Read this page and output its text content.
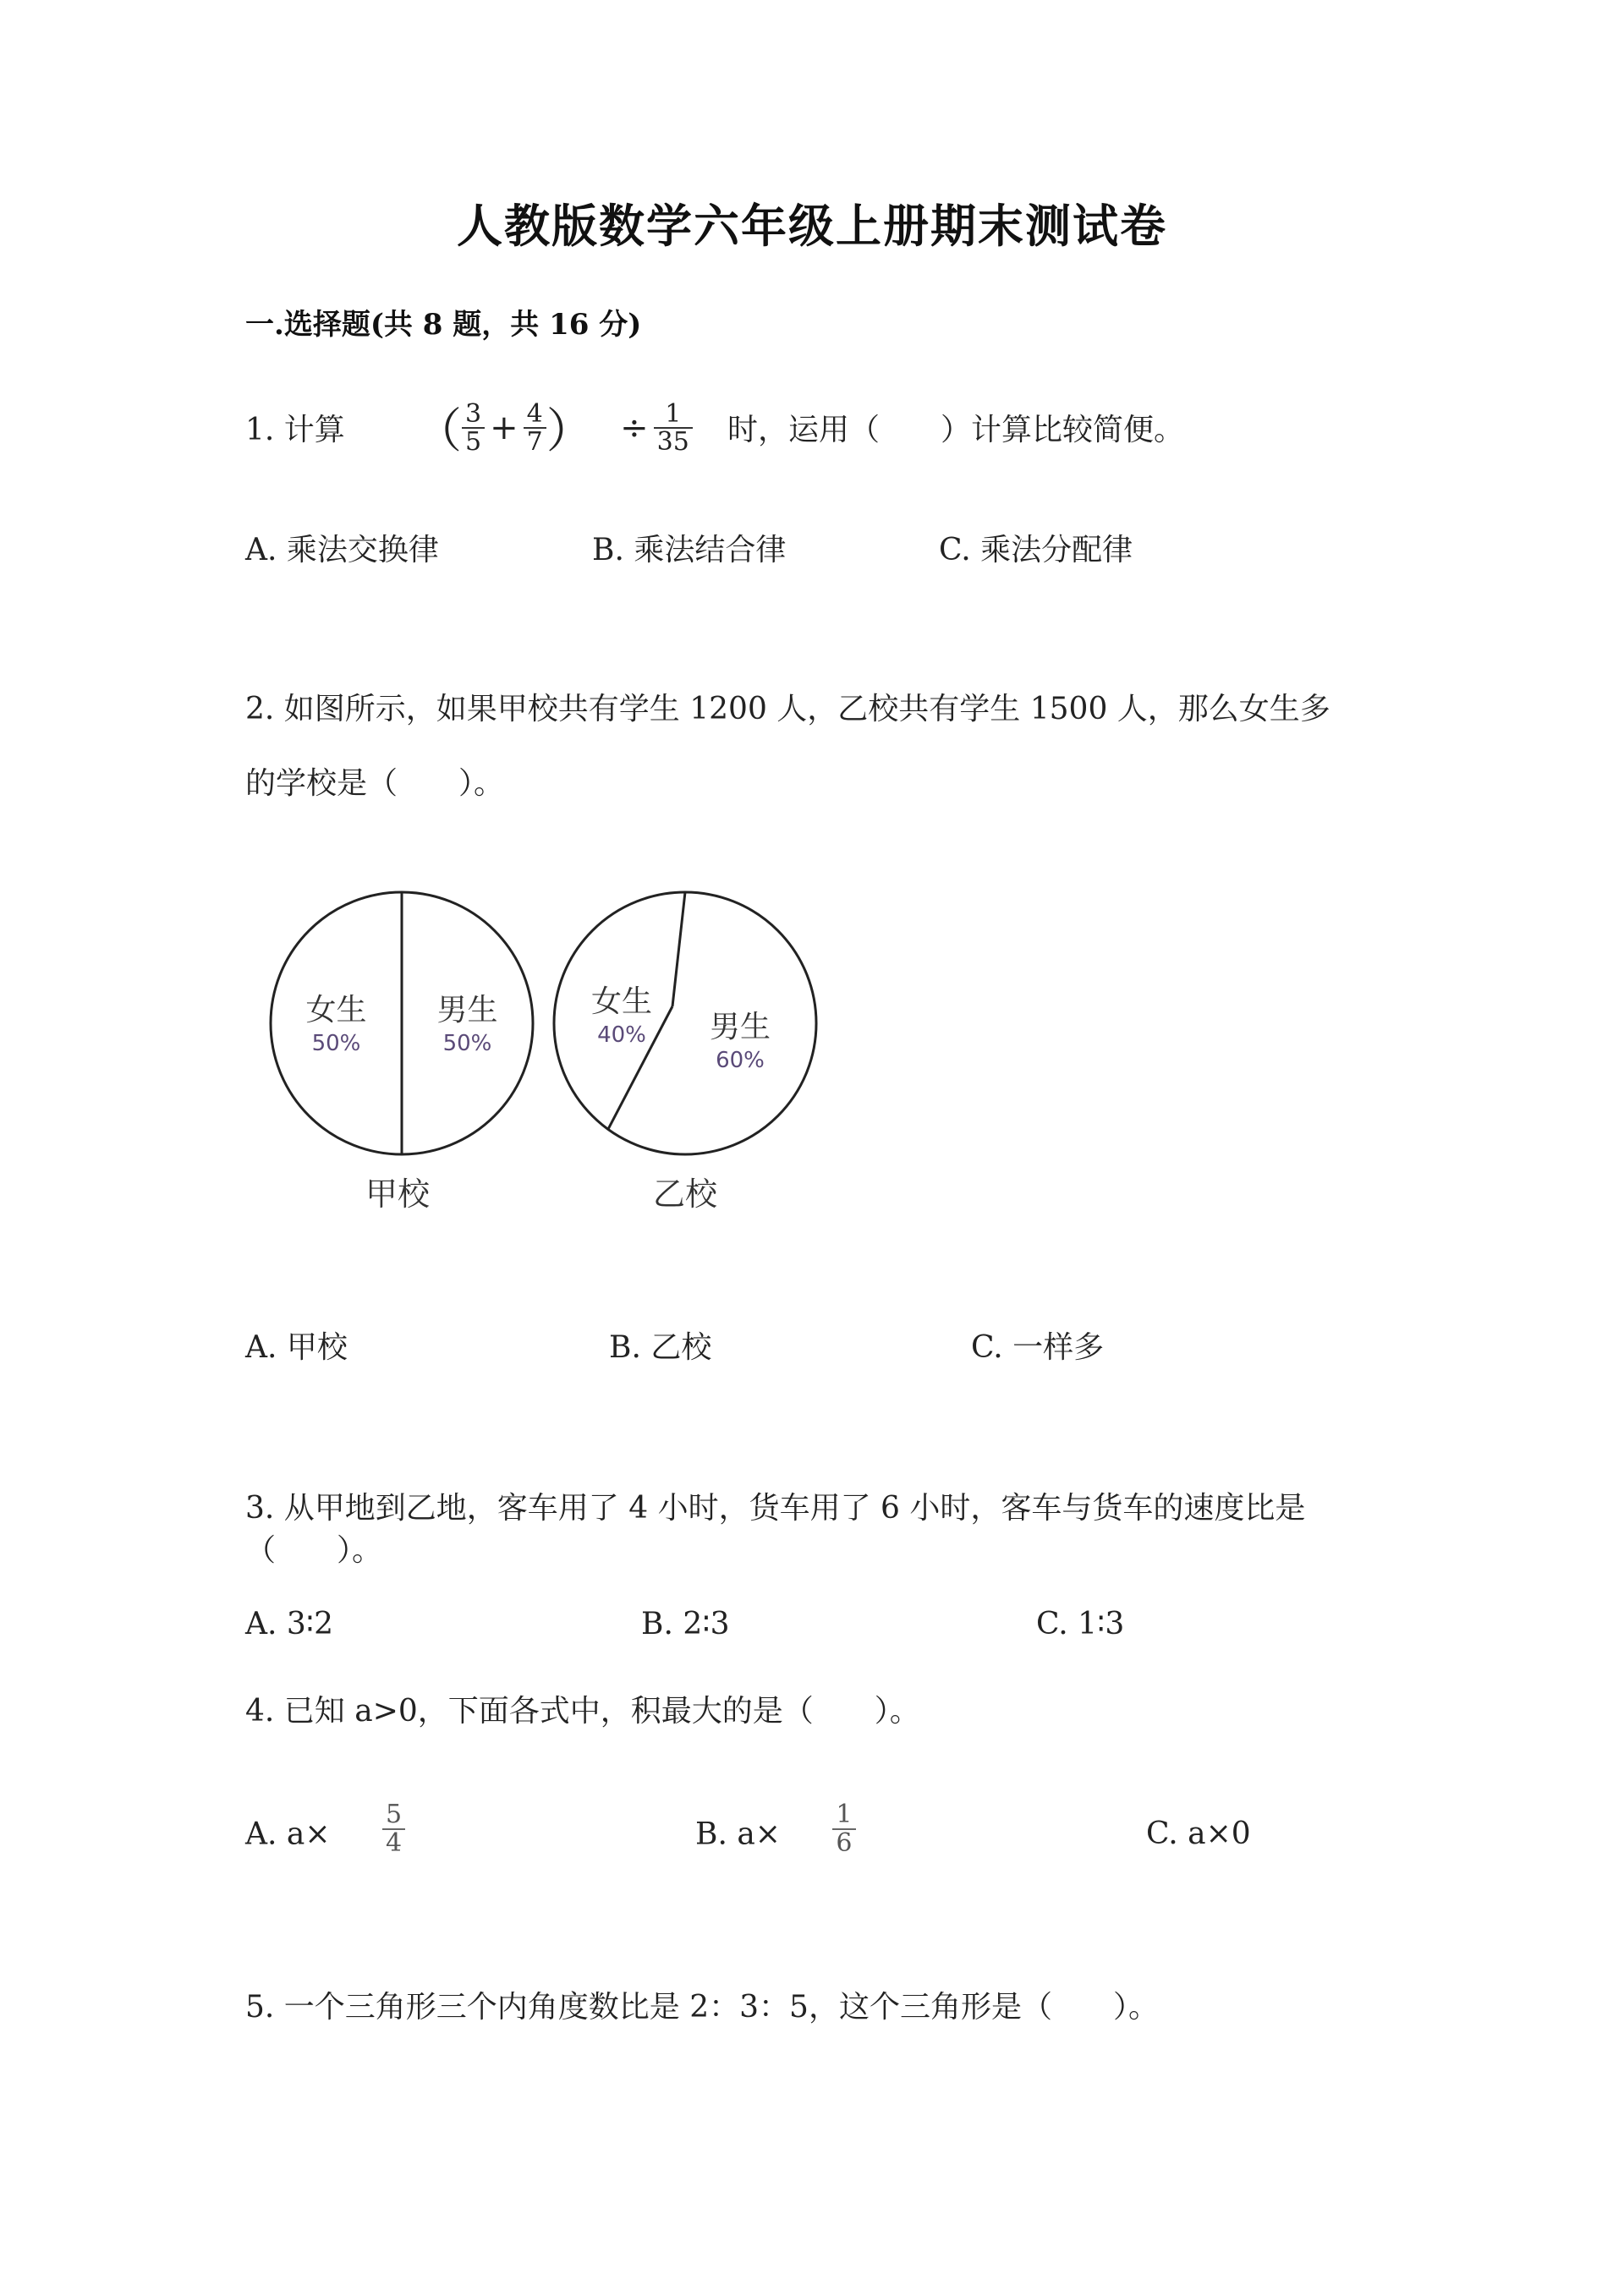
人教版数学六年级上册期末测试卷
一.选择题(共 8 题，共 16 分)
1. 计算 （ $\frac{3}{5} + \frac{4}{7}$ ） ÷ $\frac{1}{35}$ 时，运用（　　）计算比较简便。
A. 乘法交换律	B. 乘法结合律	C. 乘法分配律
2. 如图所示，如果甲校共有学生 1200 人，乙校共有学生 1500 人，那么女生多
的学校是（　　）。
女生
50%
男生
50%
甲校
女生
40% 男生
60%
乙校
A. 甲校	B. 乙校	C. 一样多
3. 从甲地到乙地，客车用了 4 小时，货车用了 6 小时，客车与货车的速度比是
（　　）。
A. 3∶2	B. 2∶3	C. 1∶3
4. 已知 a>0，下面各式中，积最大的是（　　）。
A. $a\times \frac{5}{4}$	B. $a\times \frac{1}{6}$	C. a×0
5. 一个三角形三个内角度数比是 2：3：5，这个三角形是（　　）。
